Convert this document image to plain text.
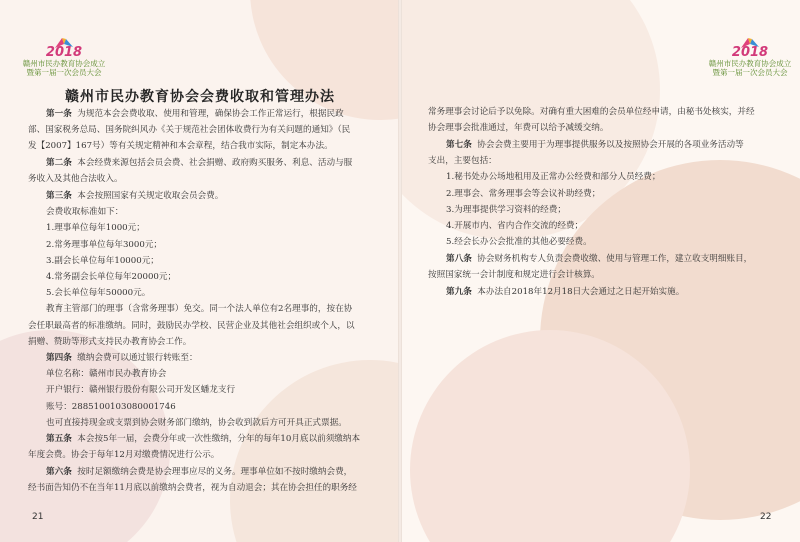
2018
赣州市民办教育协会成立
暨第一届一次会员大会
2018
赣州市民办教育协会成立
暨第一届一次会员大会
赣州市民办教育协会会费收取和管理办法
第一条 为规范本会会费收取、使用和管理，确保协会工作正常运行，根据民政
部、国家税务总局、国务院纠风办《关于规范社会团体收费行为有关问题的通知》（民
发【2007】167号）等有关规定精神和本会章程，结合我市实际，制定本办法。
第二条 本会经费来源包括会员会费、社会捐赠、政府购买服务、利息、活动与服
务收入及其他合法收入。
第三条 本会按照国家有关规定收取会员会费。
会费收取标准如下：
1.理事单位每年1000元；
2.常务理事单位每年3000元；
3.副会长单位每年10000元；
4.常务副会长单位每年20000元；
5.会长单位每年50000元。
教育主管部门的理事（含常务理事）免交。同一个法人单位有2名理事的，按在协
会任职最高者的标准缴纳。同时，鼓励民办学校、民营企业及其他社会组织或个人，以
捐赠、赞助等形式支持民办教育协会工作。
第四条 缴纳会费可以通过银行转账至：
单位名称：赣州市民办教育协会
开户银行：赣州银行股份有限公司开发区蟠龙支行
账号：2885100103080001746
也可直接持现金或支票到协会财务部门缴纳，协会收到款后方可开具正式票据。
第五条 本会按5年一届，会费分年或一次性缴纳，分年的每年10月底以前须缴纳本
年度会费。协会于每年12月对缴费情况进行公示。
第六条 按时足额缴纳会费是协会理事应尽的义务。理事单位如不按时缴纳会费，
经书面告知仍不在当年11月底以前缴纳会费者，视为自动退会；其在协会担任的职务经
21
常务理事会讨论后予以免除。对确有重大困难的会员单位经申请，由秘书处核实，并经
协会理事会批准通过，年费可以给予减缓交纳。
第七条 协会会费主要用于为理事提供服务以及按照协会开展的各项业务活动等
支出，主要包括：
1.秘书处办公场地租用及正常办公经费和部分人员经费；
2.理事会、常务理事会等会议补助经费；
3.为理事提供学习资料的经费；
4.开展市内、省内合作交流的经费；
5.经会长办公会批准的其他必要经费。
第八条 协会财务机构专人负责会费收缴、使用与管理工作，建立收支明细账目，
按照国家统一会计制度和规定进行会计核算。
第九条 本办法自2018年12月18日大会通过之日起开始实施。
22
